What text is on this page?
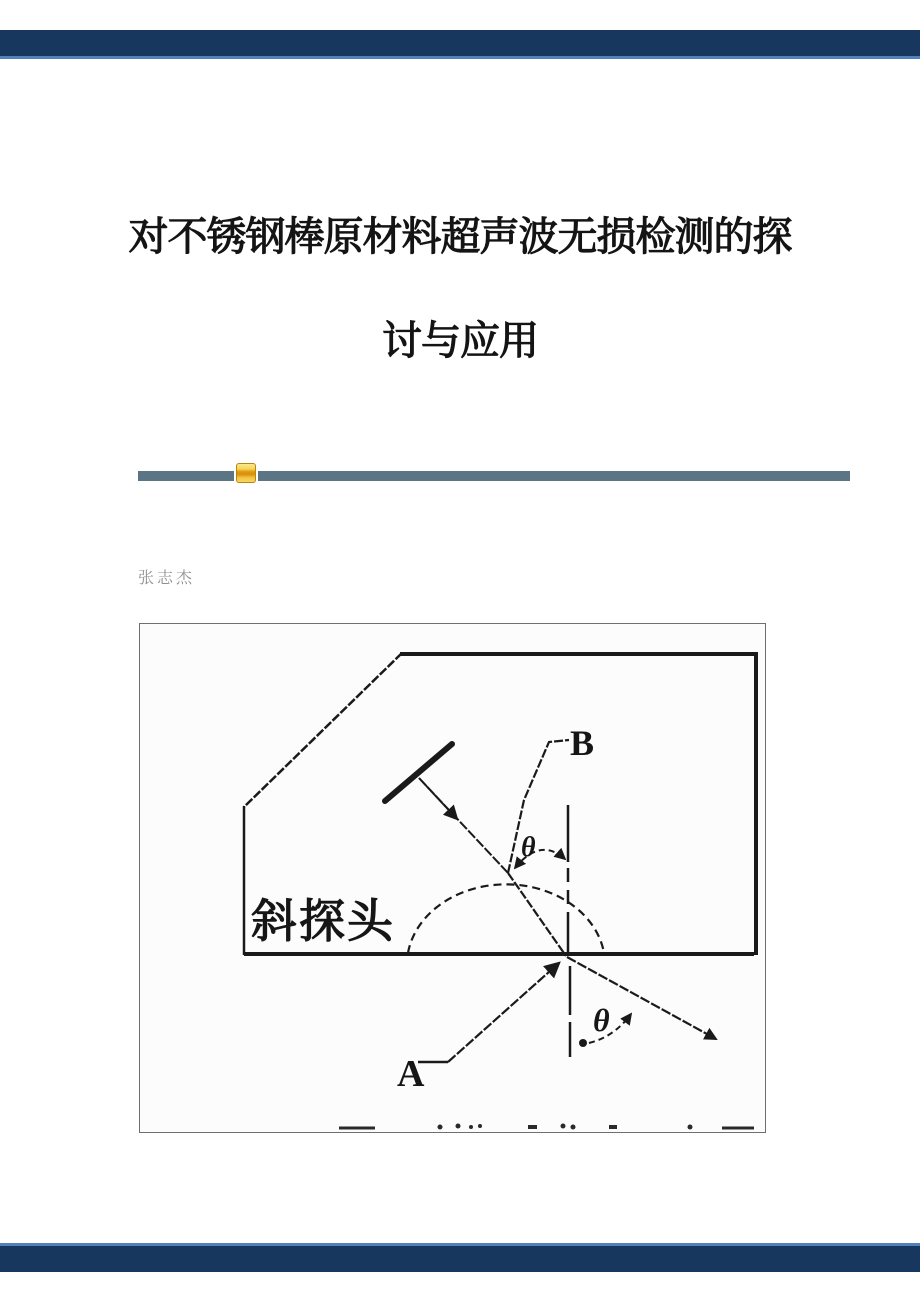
对不锈钢棒原材料超声波无损检测的探
讨与应用
张志杰
斜探头
B
θ
A
θ
